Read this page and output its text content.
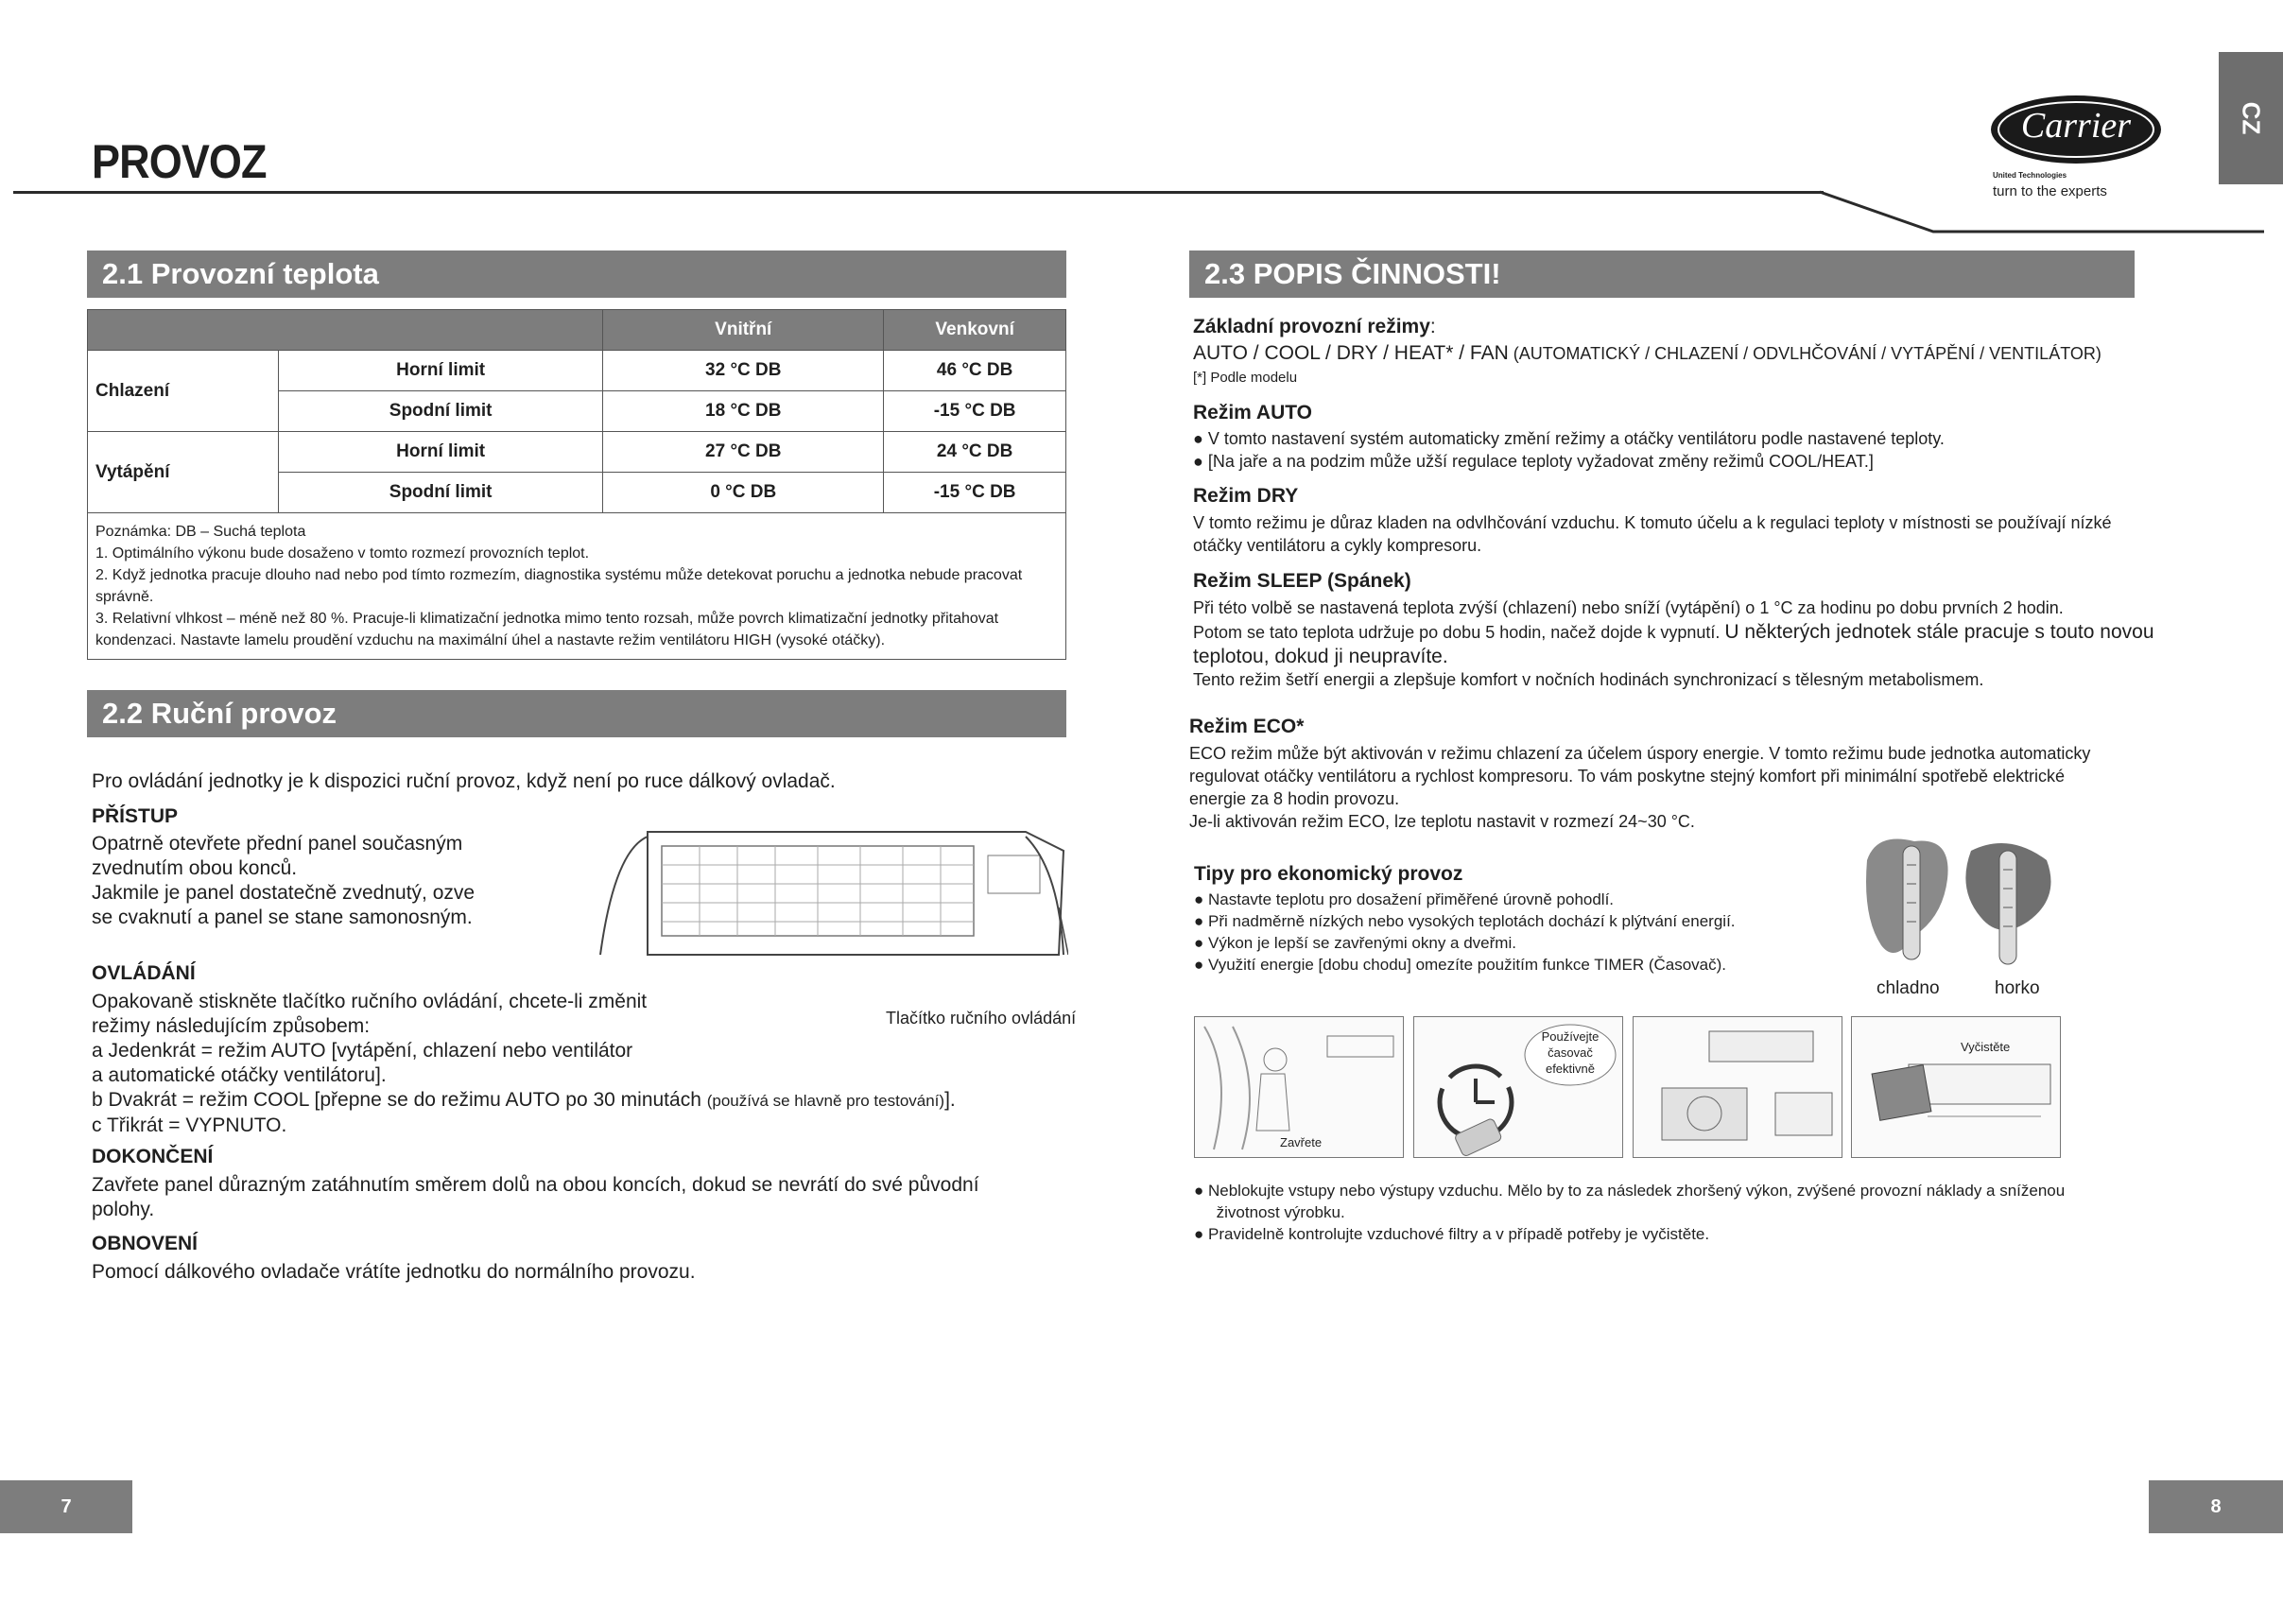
PROVOZ
CZ
Carrier
United Technologies
turn to the experts
2.1 Provozní teplota
		Vnitřní	Venkovní
Chlazení	Horní limit	32 °C DB	46 °C DB
	Spodní limit	18 °C DB	-15 °C DB
Vytápění	Horní limit	27 °C DB	24 °C DB
	Spodní limit	0 °C DB	-15 °C DB

Poznámka: DB – Suchá teplota
1. Optimálního výkonu bude dosaženo v tomto rozmezí provozních teplot.
2. Když jednotka pracuje dlouho nad nebo pod tímto rozmezím, diagnostika systému může detekovat poruchu a jednotka nebude pracovat správně.
3. Relativní vlhkost – méně než 80 %. Pracuje-li klimatizační jednotka mimo tento rozsah, může povrch klimatizační jednotky přitahovat kondenzaci. Nastavte lamelu proudění vzduchu na maximální úhel a nastavte režim ventilátoru HIGH (vysoké otáčky).			
2.2 Ruční provoz
Pro ovládání jednotky je k dispozici ruční provoz, když není po ruce dálkový ovladač.
PŘÍSTUP
Opatrně otevřete přední panel současným
zvednutím obou konců.
Jakmile je panel dostatečně zvednutý, ozve
se cvaknutí a panel se stane samonosným.
Tlačítko ručního ovládání
OVLÁDÁNÍ
Opakovaně stiskněte tlačítko ručního ovládání, chcete-li změnit
režimy následujícím způsobem:
a Jedenkrát = režim AUTO [vytápění, chlazení nebo ventilátor
a automatické otáčky ventilátoru].
b Dvakrát = režim COOL [přepne se do režimu AUTO po 30 minutách (používá se hlavně pro testování)].
c Třikrát = VYPNUTO.
DOKONČENÍ
Zavřete panel důrazným zatáhnutím směrem dolů na obou koncích, dokud se nevrátí do své původní
polohy.
OBNOVENÍ
Pomocí dálkového ovladače vrátíte jednotku do normálního provozu.
2.3 POPIS ČINNOSTI!
Základní provozní režimy:
AUTO / COOL / DRY / HEAT* / FAN (AUTOMATICKÝ / CHLAZENÍ / ODVLHČOVÁNÍ / VYTÁPĚNÍ / VENTILÁTOR)
[*] Podle modelu
Režim AUTO
● V tomto nastavení systém automaticky změní režimy a otáčky ventilátoru podle nastavené teploty.
● [Na jaře a na podzim může užší regulace teploty vyžadovat změny režimů COOL/HEAT.]
Režim DRY
V tomto režimu je důraz kladen na odvlhčování vzduchu. K tomuto účelu a k regulaci teploty v místnosti se používají nízké
otáčky ventilátoru a cykly kompresoru.
Režim SLEEP (Spánek)
Při této volbě se nastavená teplota zvýší (chlazení) nebo sníží (vytápění) o 1 °C za hodinu po dobu prvních 2 hodin.
Potom se tato teplota udržuje po dobu 5 hodin, načež dojde k vypnutí. U některých jednotek stále pracuje s touto novou
teplotou, dokud ji neupravíte.
Tento režim šetří energii a zlepšuje komfort v nočních hodinách synchronizací s tělesným metabolismem.
Režim ECO*
ECO režim může být aktivován v režimu chlazení za účelem úspory energie. V tomto režimu bude jednotka automaticky
regulovat otáčky ventilátoru a rychlost kompresoru. To vám poskytne stejný komfort při minimální spotřebě elektrické
energie za 8 hodin provozu.
Je-li aktivován režim ECO, lze teplotu nastavit v rozmezí 24~30 °C.
Tipy pro ekonomický provoz
● Nastavte teplotu pro dosažení přiměřené úrovně pohodlí.
● Při nadměrně nízkých nebo vysokých teplotách dochází k plýtvání energií.
● Výkon je lepší se zavřenými okny a dveřmi.
● Využití energie [dobu chodu] omezíte použitím funkce TIMER (Časovač).
chladno	horko
Zavřete
Používejte
časovač
efektivně
Vyčistěte
● Neblokujte vstupy nebo výstupy vzduchu. Mělo by to za následek zhoršený výkon, zvýšené provozní náklady a sníženou
životnost výrobku.
● Pravidelně kontrolujte vzduchové filtry a v případě potřeby je vyčistěte.
7	8
